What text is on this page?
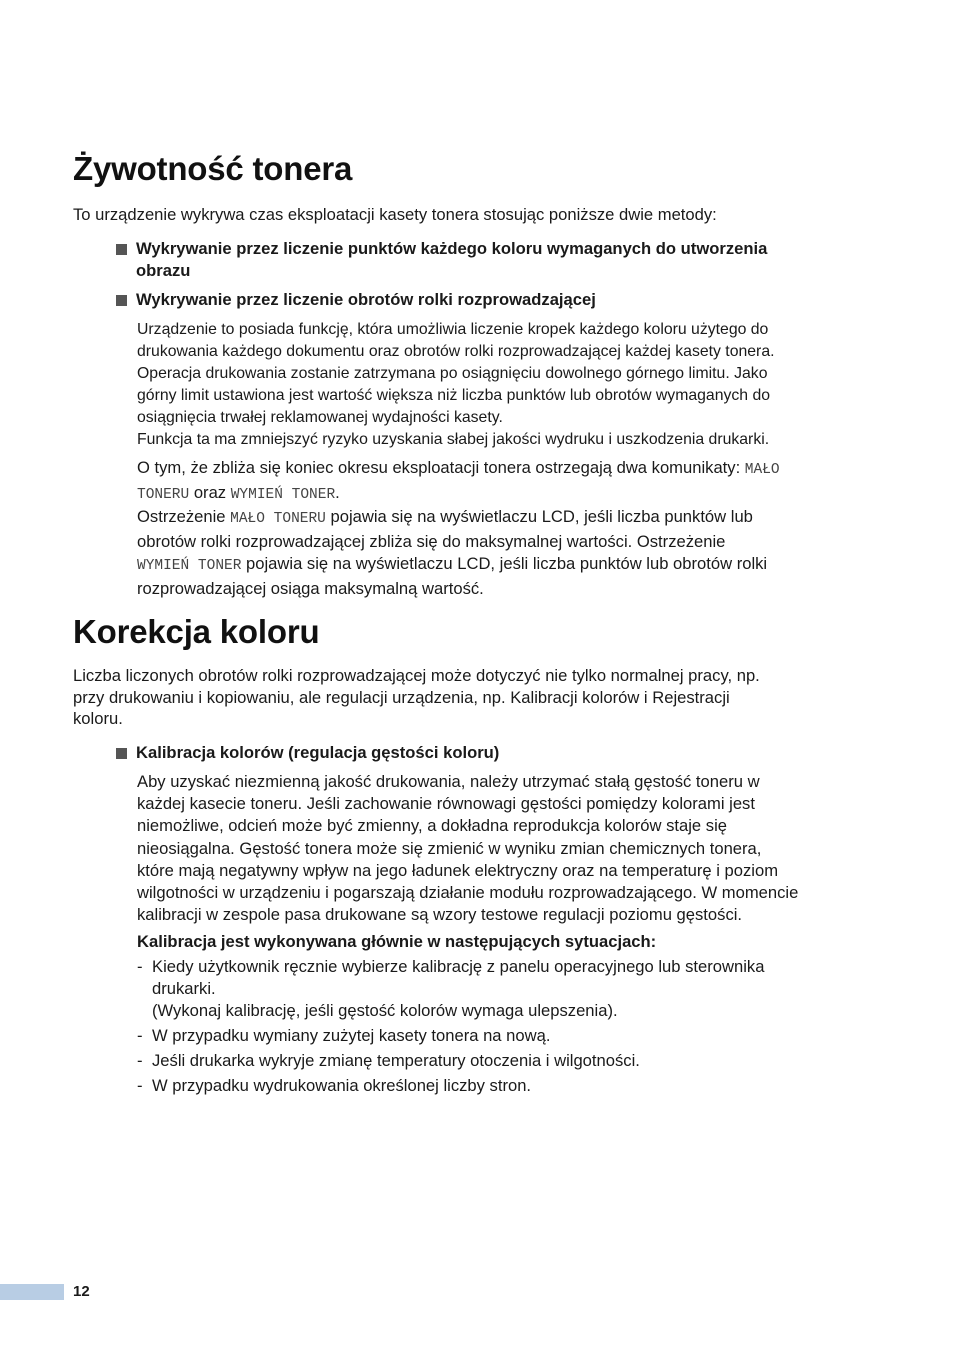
Żywotność tonera
To urządzenie wykrywa czas eksploatacji kasety tonera stosując poniższe dwie metody:
Wykrywanie przez liczenie punktów każdego koloru wymaganych do utworzenia
obrazu
Wykrywanie przez liczenie obrotów rolki rozprowadzającej
Urządzenie to posiada funkcję, która umożliwia liczenie kropek każdego koloru użytego do
drukowania każdego dokumentu oraz obrotów rolki rozprowadzającej każdej kasety tonera.
Operacja drukowania zostanie zatrzymana po osiągnięciu dowolnego górnego limitu. Jako
górny limit ustawiona jest wartość większa niż liczba punktów lub obrotów wymaganych do
osiągnięcia trwałej reklamowanej wydajności kasety.
Funkcja ta ma zmniejszyć ryzyko uzyskania słabej jakości wydruku i uszkodzenia drukarki.
O tym, że zbliża się koniec okresu eksploatacji tonera ostrzegają dwa komunikaty: MAŁO
TONERU oraz WYMIEŃ TONER.
Ostrzeżenie MAŁO TONERU pojawia się na wyświetlaczu LCD, jeśli liczba punktów lub
obrotów rolki rozprowadzającej zbliża się do maksymalnej wartości. Ostrzeżenie
WYMIEŃ TONER pojawia się na wyświetlaczu LCD, jeśli liczba punktów lub obrotów rolki
rozprowadzającej osiąga maksymalną wartość.
Korekcja koloru
Liczba liczonych obrotów rolki rozprowadzającej może dotyczyć nie tylko normalnej pracy, np.
przy drukowaniu i kopiowaniu, ale regulacji urządzenia, np. Kalibracji kolorów i Rejestracji
koloru.
Kalibracja kolorów (regulacja gęstości koloru)
Aby uzyskać niezmienną jakość drukowania, należy utrzymać stałą gęstość toneru w
każdej kasecie toneru. Jeśli zachowanie równowagi gęstości pomiędzy kolorami jest
niemożliwe, odcień może być zmienny, a dokładna reprodukcja kolorów staje się
nieosiągalna. Gęstość tonera może się zmienić w wyniku zmian chemicznych tonera,
które mają negatywny wpływ na jego ładunek elektryczny oraz na temperaturę i poziom
wilgotności w urządzeniu i pogarszają działanie modułu rozprowadzającego. W momencie
kalibracji w zespole pasa drukowane są wzory testowe regulacji poziomu gęstości.
Kalibracja jest wykonywana głównie w następujących sytuacjach:
- Kiedy użytkownik ręcznie wybierze kalibrację z panelu operacyjnego lub sterownika
drukarki.
(Wykonaj kalibrację, jeśli gęstość kolorów wymaga ulepszenia).
- W przypadku wymiany zużytej kasety tonera na nową.
- Jeśli drukarka wykryje zmianę temperatury otoczenia i wilgotności.
- W przypadku wydrukowania określonej liczby stron.
12
